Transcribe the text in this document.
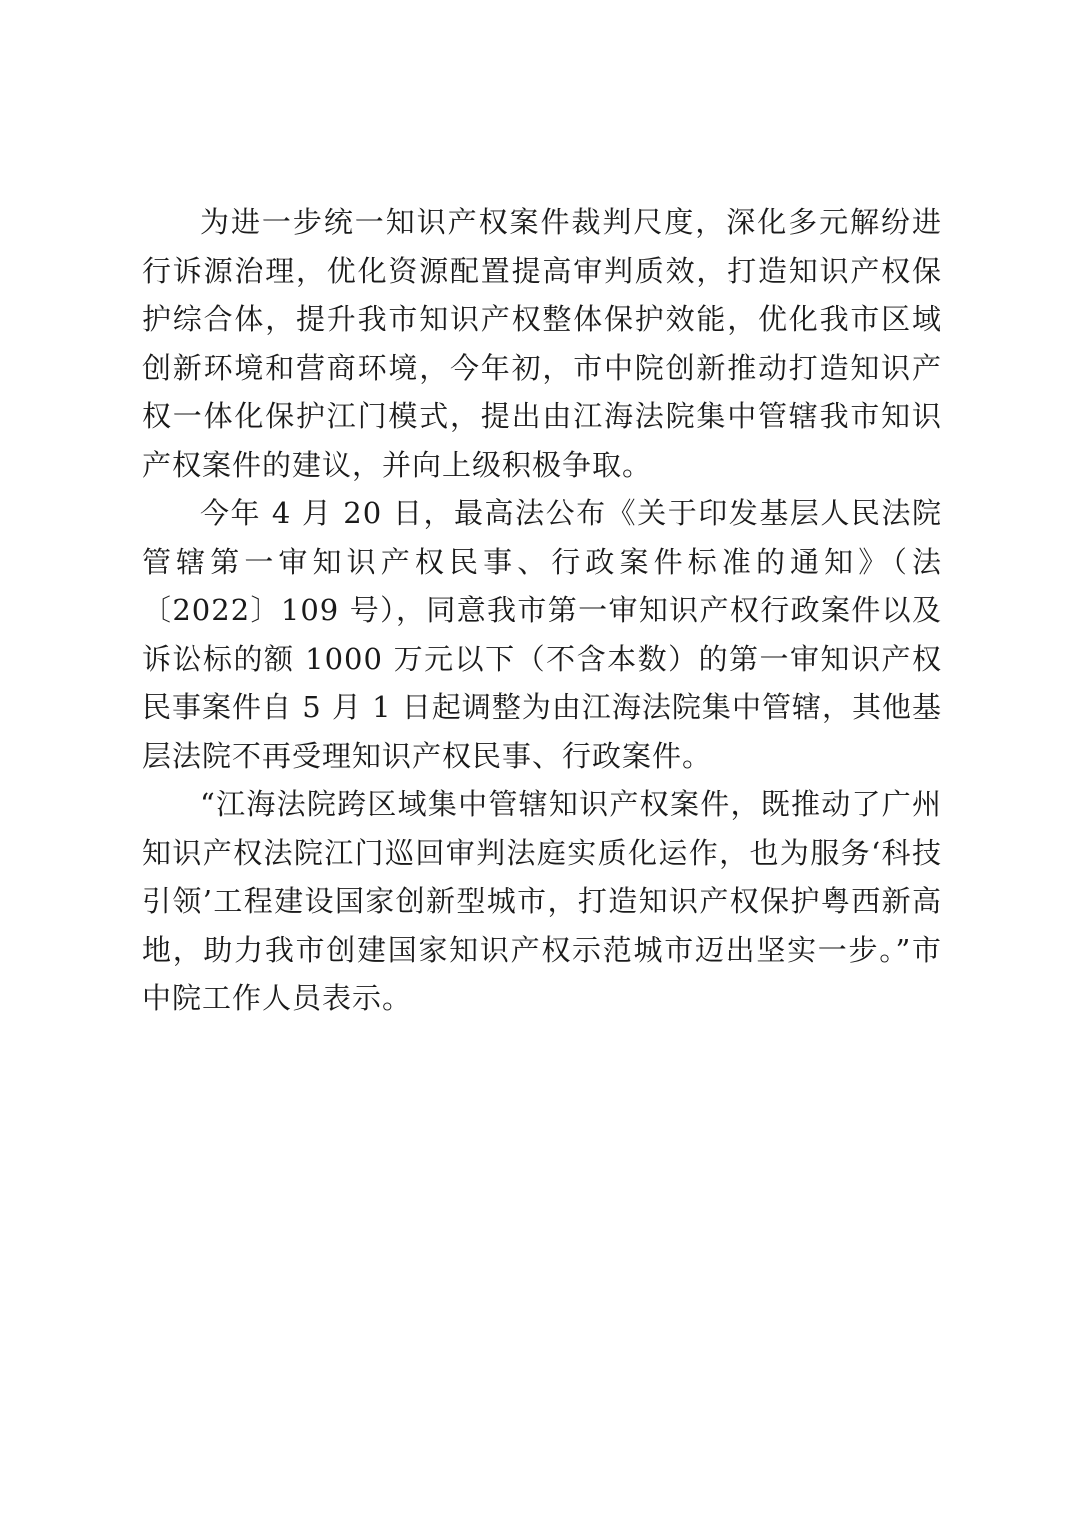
为进一步统一知识产权案件裁判尺度，深化多元解纷进行诉源治理，优化资源配置提高审判质效，打造知识产权保护综合体，提升我市知识产权整体保护效能，优化我市区域创新环境和营商环境，今年初，市中院创新推动打造知识产权一体化保护江门模式，提出由江海法院集中管辖我市知识产权案件的建议，并向上级积极争取。

今年 4 月 20 日，最高法公布《关于印发基层人民法院管辖第一审知识产权民事、行政案件标准的通知》（法〔2022〕109 号），同意我市第一审知识产权行政案件以及诉讼标的额 1000 万元以下（不含本数）的第一审知识产权民事案件自 5 月 1 日起调整为由江海法院集中管辖，其他基层法院不再受理知识产权民事、行政案件。

“江海法院跨区域集中管辖知识产权案件，既推动了广州知识产权法院江门巡回审判法庭实质化运作，也为服务‘科技引领’工程建设国家创新型城市，打造知识产权保护粤西新高地，助力我市创建国家知识产权示范城市迈出坚实一步。”市中院工作人员表示。
